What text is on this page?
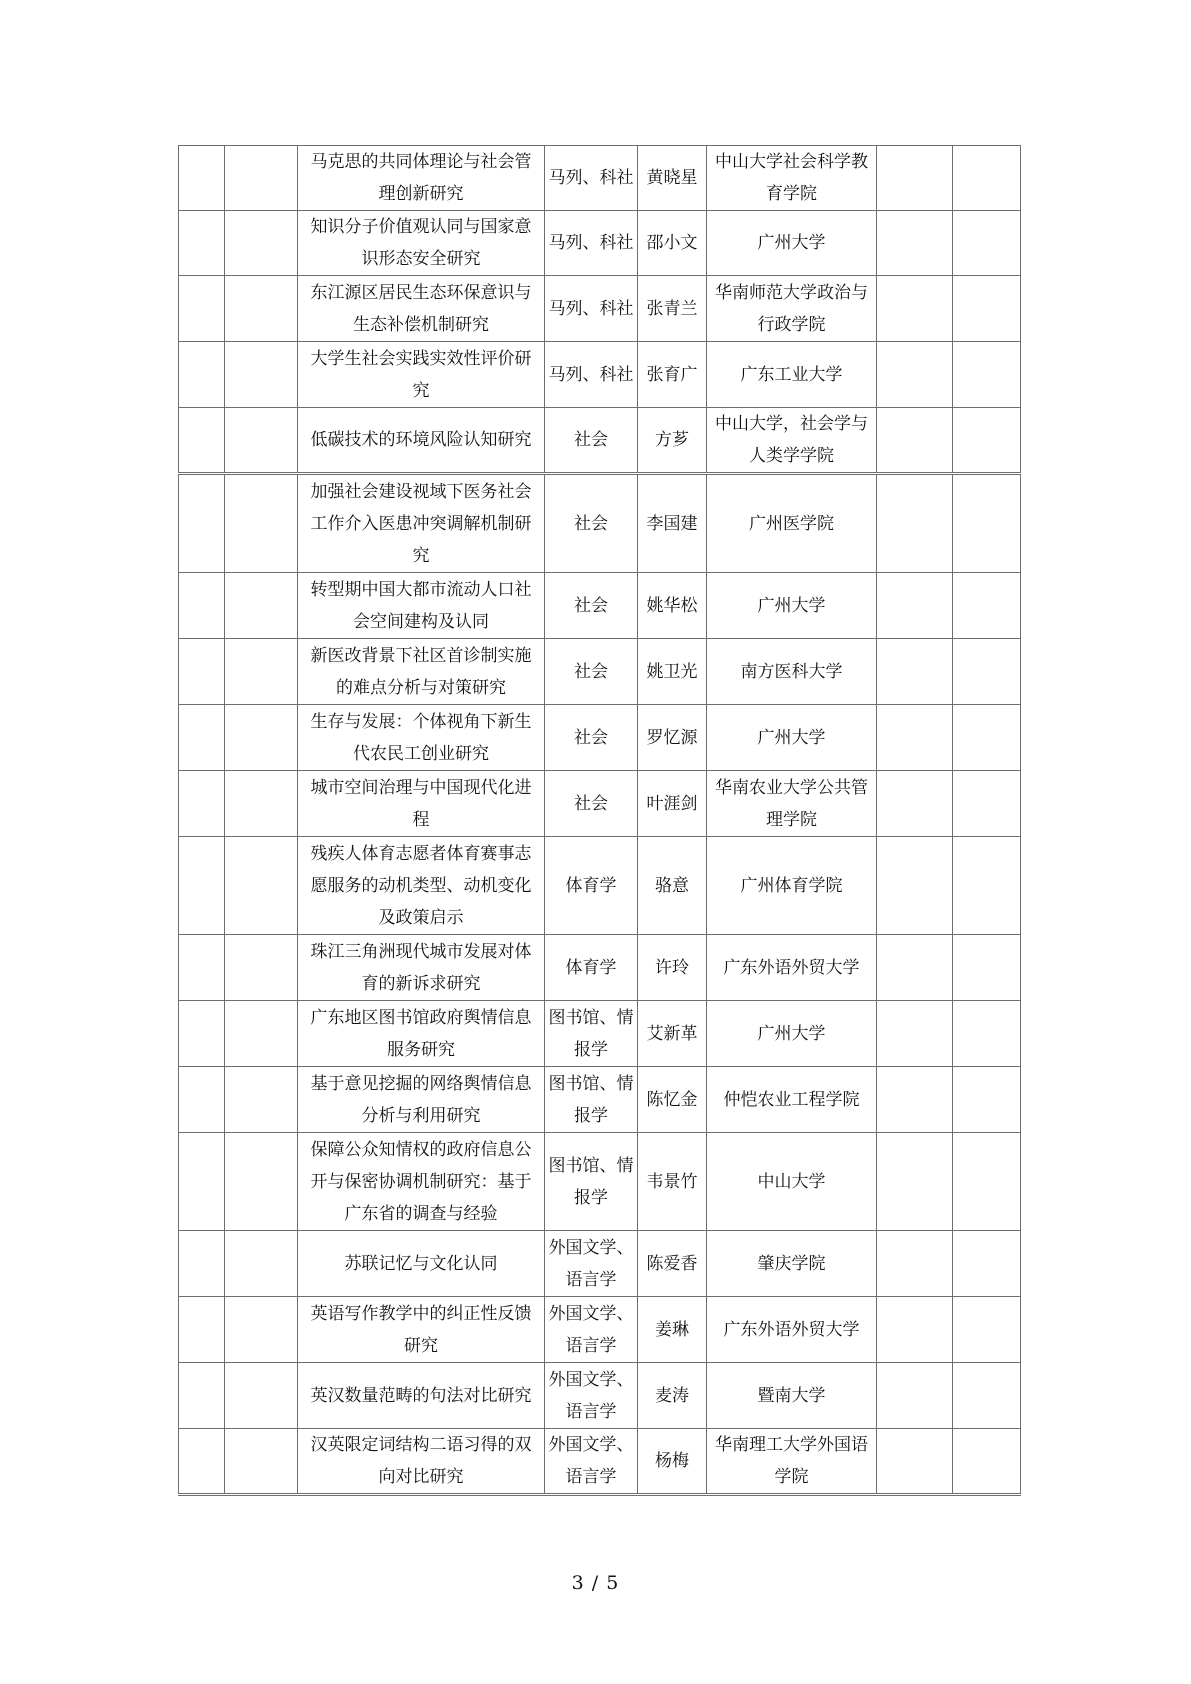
		马克思的共同体理论与社会管理创新研究	马列、科社	黄晓星	中山大学社会科学教育学院		
		知识分子价值观认同与国家意识形态安全研究	马列、科社	邵小文	广州大学		
		东江源区居民生态环保意识与生态补偿机制研究	马列、科社	张青兰	华南师范大学政治与行政学院		
		大学生社会实践实效性评价研究	马列、科社	张育广	广东工业大学		
		低碳技术的环境风险认知研究	社会	方芗	中山大学，社会学与人类学学院		
		加强社会建设视域下医务社会工作介入医患冲突调解机制研究	社会	李国建	广州医学院		
		转型期中国大都市流动人口社会空间建构及认同	社会	姚华松	广州大学		
		新医改背景下社区首诊制实施的难点分析与对策研究	社会	姚卫光	南方医科大学		
		生存与发展：个体视角下新生代农民工创业研究	社会	罗忆源	广州大学		
		城市空间治理与中国现代化进程	社会	叶涯剑	华南农业大学公共管理学院		
		残疾人体育志愿者体育赛事志愿服务的动机类型、动机变化及政策启示	体育学	骆意	广州体育学院		
		珠江三角洲现代城市发展对体育的新诉求研究	体育学	许玲	广东外语外贸大学		
		广东地区图书馆政府舆情信息服务研究	图书馆、情报学	艾新革	广州大学		
		基于意见挖掘的网络舆情信息分析与利用研究	图书馆、情报学	陈忆金	仲恺农业工程学院		
		保障公众知情权的政府信息公开与保密协调机制研究：基于广东省的调查与经验	图书馆、情报学	韦景竹	中山大学		
		苏联记忆与文化认同	外国文学、语言学	陈爱香	肇庆学院		
		英语写作教学中的纠正性反馈研究	外国文学、语言学	姜琳	广东外语外贸大学		
		英汉数量范畴的句法对比研究	外国文学、语言学	麦涛	暨南大学		
		汉英限定词结构二语习得的双向对比研究	外国文学、语言学	杨梅	华南理工大学外国语学院		
3 / 5
